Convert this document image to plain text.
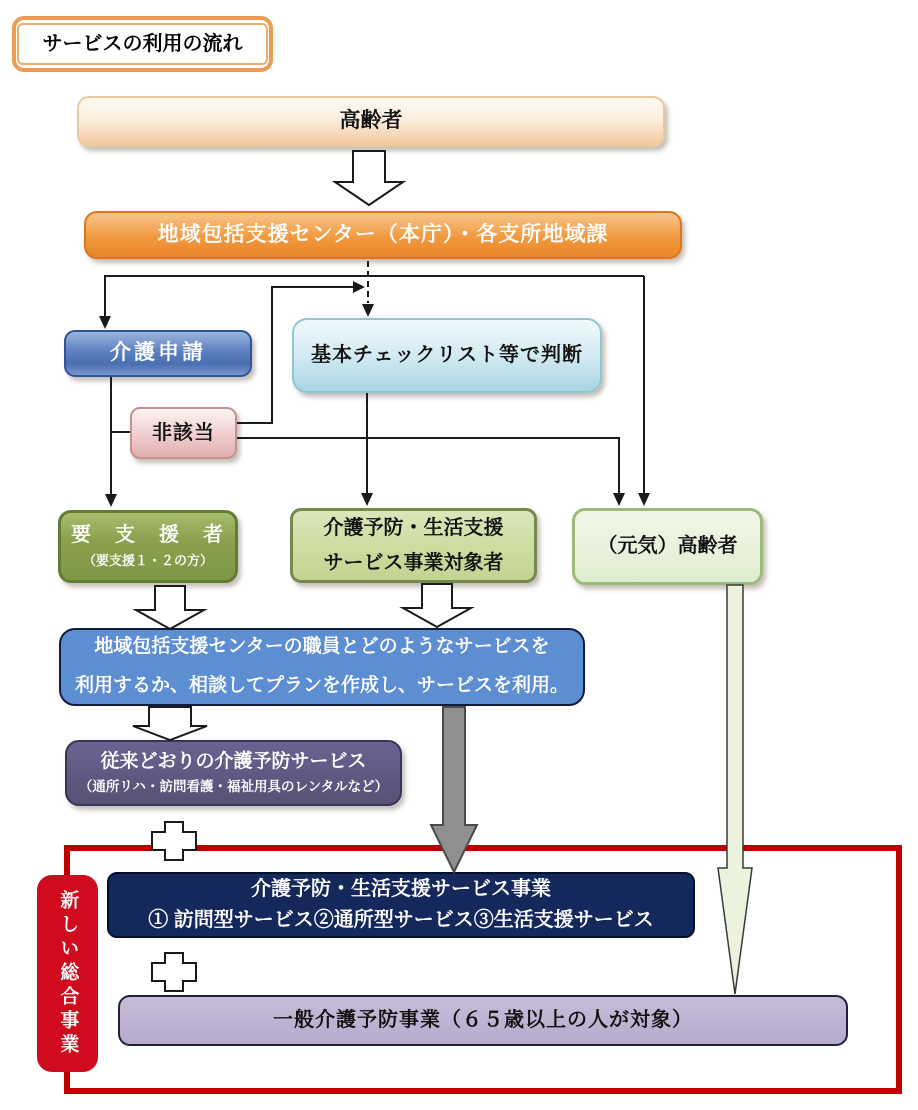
サービスの利用の流れ
高齢者
地域包括支援センター（本庁）・各支所地域課
介護申請	基本チェックリスト等で判断
非該当
要　支　援　者
（要支援１・２の方）
介護予防・生活支援
サービス事業対象者
（元気）高齢者
地域包括支援センターの職員とどのようなサービスを
利用するか、相談してプランを作成し、サービスを利用。
従来どおりの介護予防サービス
（通所リハ・訪問看護・福祉用具のレンタルなど）
新しい総合事業
介護予防・生活支援サービス事業
① 訪問型サービス②通所型サービス③生活支援サービス
一般介護予防事業（６５歳以上の人が対象）
